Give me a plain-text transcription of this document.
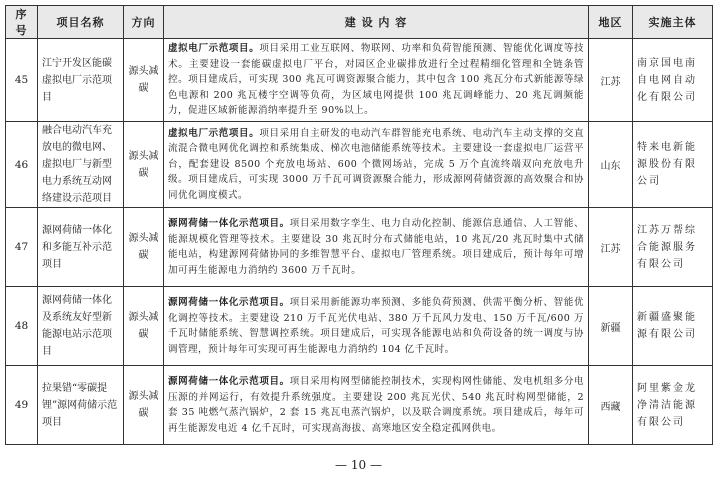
序号	项目名称	方向	建 设 内 容	地区	实施主体
45	江宁开发区能碳虚拟电厂示范项目	源头减碳	虚拟电厂示范项目。项目采用工业互联网、物联网、功率和负荷智能预测、智能优化调度等技术。主要建设一套能碳虚拟电厂平台，对园区企业碳排放进行全过程精细化管理和全链条管控。项目建成后，可实现 300 兆瓦可调资源聚合能力，其中包含 100 兆瓦分布式新能源等绿色电源和 200 兆瓦楼宇空调等负荷，为区域电网提供 100 兆瓦调峰能力、20 兆瓦调频能力，促进区域新能源消纳率提升至 90%以上。	江苏	南京国电南自电网自动化有限公司
46	融合电动汽车充放电的微电网、虚拟电厂与新型电力系统互动网络建设示范项目	源头减碳	虚拟电厂示范项目。项目采用自主研发的电动汽车群智能充电系统、电动汽车主动支撑的交直流混合微电网优化调控和系统集成、梯次电池储能系统等技术。主要建设一套虚拟电厂运营平台，配套建设 8500 个充放电场站、600 个微网场站，完成 5 万个直流终端双向充放电升级。项目建成后，可实现 3000 万千瓦可调资源聚合能力，形成源网荷储资源的高效聚合和协同优化调度模式。	山东	特来电新能源股份有限公司
47	源网荷储一体化和多能互补示范项目	源头减碳	源网荷储一体化示范项目。项目采用数字孪生、电力自动化控制、能源信息通信、人工智能、能源规模化管理等技术。主要建设 30 兆瓦时分布式储能电站，10 兆瓦/20 兆瓦时集中式储能电站，构建源网荷储协同的多维智慧平台、虚拟电厂管理系统。项目建成后，预计每年可增加可再生能源电力消纳约 3600 万千瓦时。	江苏	江苏万帮综合能源服务有限公司
48	源网荷储一体化及系统友好型新能源电站示范项目	源头减碳	源网荷储一体化示范项目。项目采用新能源功率预测、多能负荷预测、供需平衡分析、智能优化调控等技术。主要建设 210 万千瓦光伏电站、380 万千瓦风力发电、150 万千瓦/600 万千瓦时储能系统、智慧调控系统。项目建成后，可实现各能源电站和负荷设备的统一调度与协调管理，预计每年可实现可再生能源电力消纳约 104 亿千瓦时。	新疆	新疆盛聚能源有限公司
49	拉果错“零碳提锂”源网荷储示范项目	源头减碳	源网荷储一体化示范项目。项目采用构网型储能控制技术，实现构网性储能、发电机组多分电压源的并网运行，有效提升系统强度。主要建设 200 兆瓦光伏、540 兆瓦时构网型储能，2 套 35 吨燃气蒸汽锅炉，2 套 15 兆瓦电蒸汽锅炉，以及联合调度系统。项目建成后，每年可再生能源发电近 4 亿千瓦时，可实现高海拔、高寒地区安全稳定孤网供电。	西藏	阿里紫金龙净清洁能源有限公司
— 10 —
